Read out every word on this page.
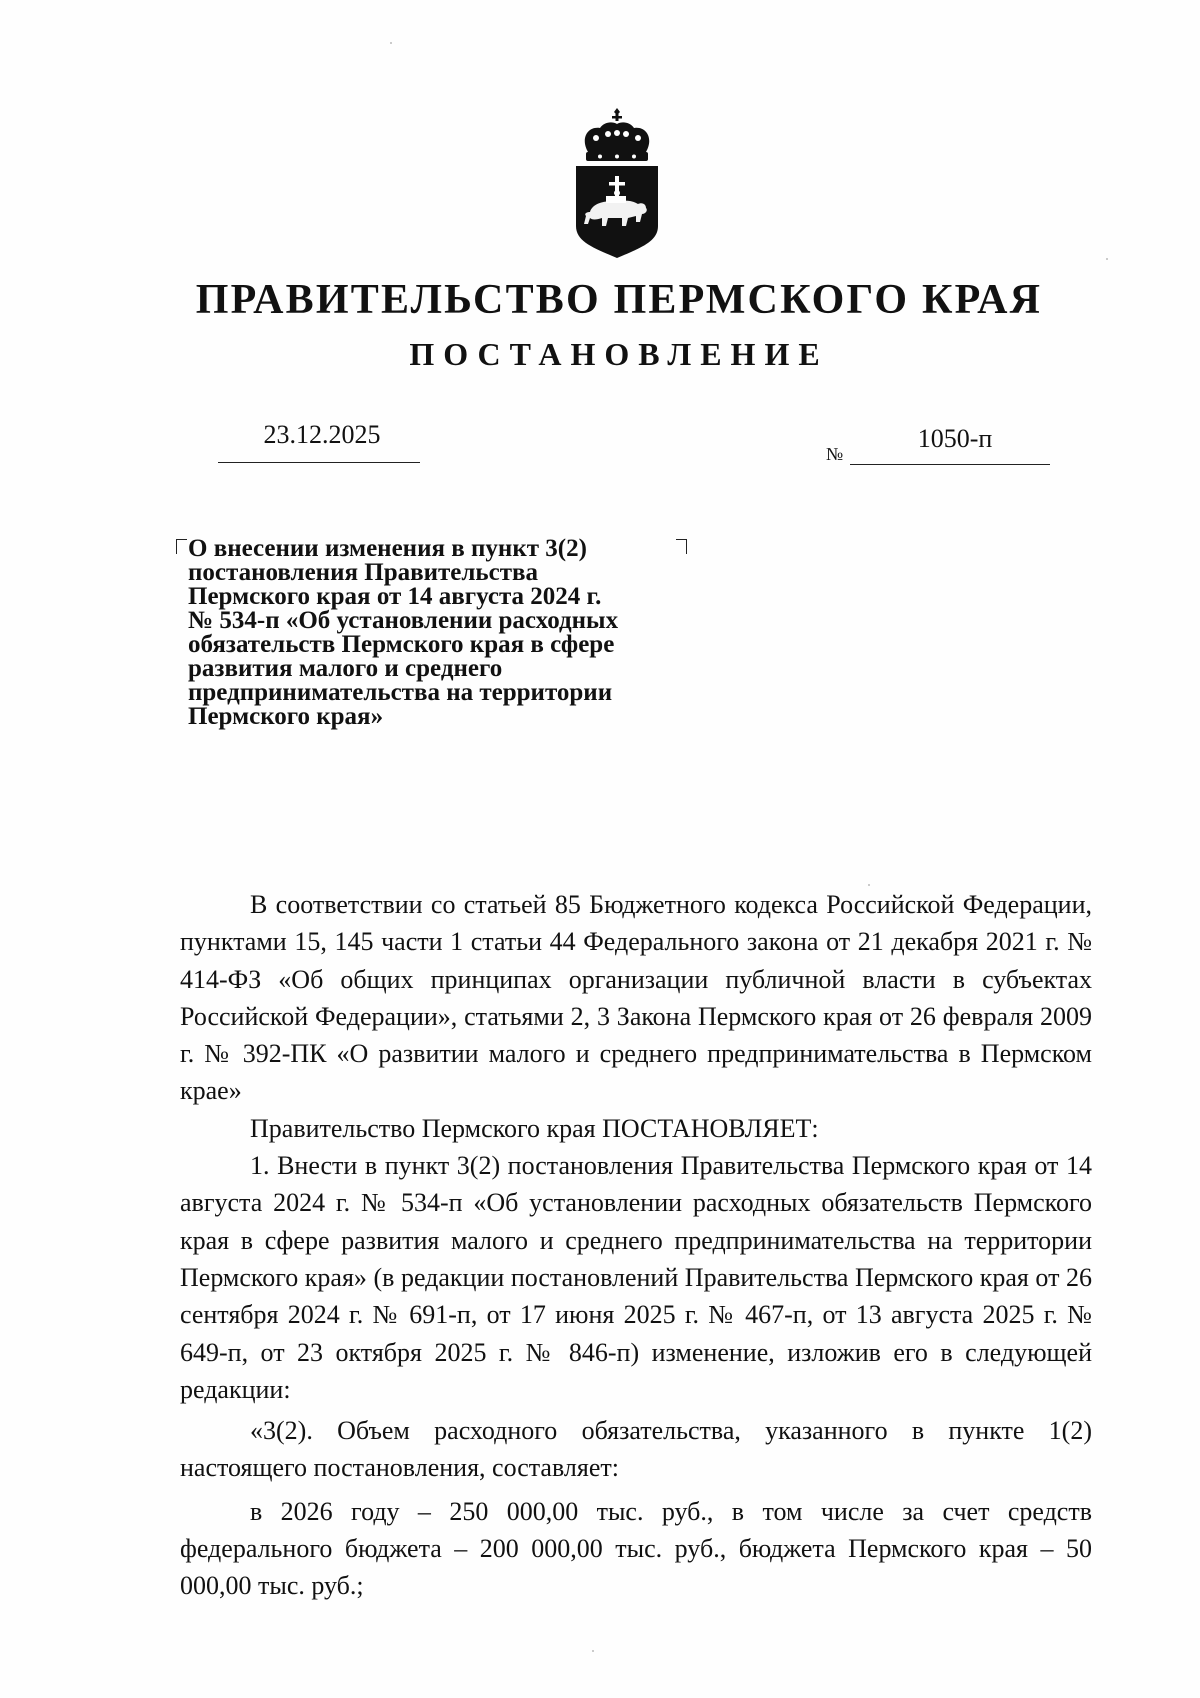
ПРАВИТЕЛЬСТВО ПЕРМСКОГО КРАЯ
ПОСТАНОВЛЕНИЕ
23.12.2025
№
1050-п
О внесении изменения в пункт 3(2)
постановления Правительства
Пермского края от 14 августа 2024 г.
№ 534-п «Об установлении расходных
обязательств Пермского края в сфере
развития малого и среднего
предпринимательства на территории
Пермского края»

В соответствии со статьей 85 Бюджетного кодекса Российской Федерации, пунктами 15, 145 части 1 статьи 44 Федерального закона от 21 декабря 2021 г. № 414-ФЗ «Об общих принципах организации публичной власти в субъектах Российской Федерации», статьями 2, 3 Закона Пермского края от 26 февраля 2009 г. № 392-ПК «О развитии малого и среднего предпринимательства в Пермском крае»

Правительство Пермского края ПОСТАНОВЛЯЕТ:

1. Внести в пункт 3(2) постановления Правительства Пермского края от 14 августа 2024 г. № 534-п «Об установлении расходных обязательств Пермского края в сфере развития малого и среднего предпринимательства на территории Пермского края» (в редакции постановлений Правительства Пермского края от 26 сентября 2024 г. № 691-п, от 17 июня 2025 г. № 467-п, от 13 августа 2025 г. № 649-п, от 23 октября 2025 г. № 846-п) изменение, изложив его в следующей редакции:

«3(2). Объем расходного обязательства, указанного в пункте 1(2) настоящего постановления, составляет:

в 2026 году – 250 000,00 тыс. руб., в том числе за счет средств федерального бюджета – 200 000,00 тыс. руб., бюджета Пермского края – 50 000,00 тыс. руб.;
